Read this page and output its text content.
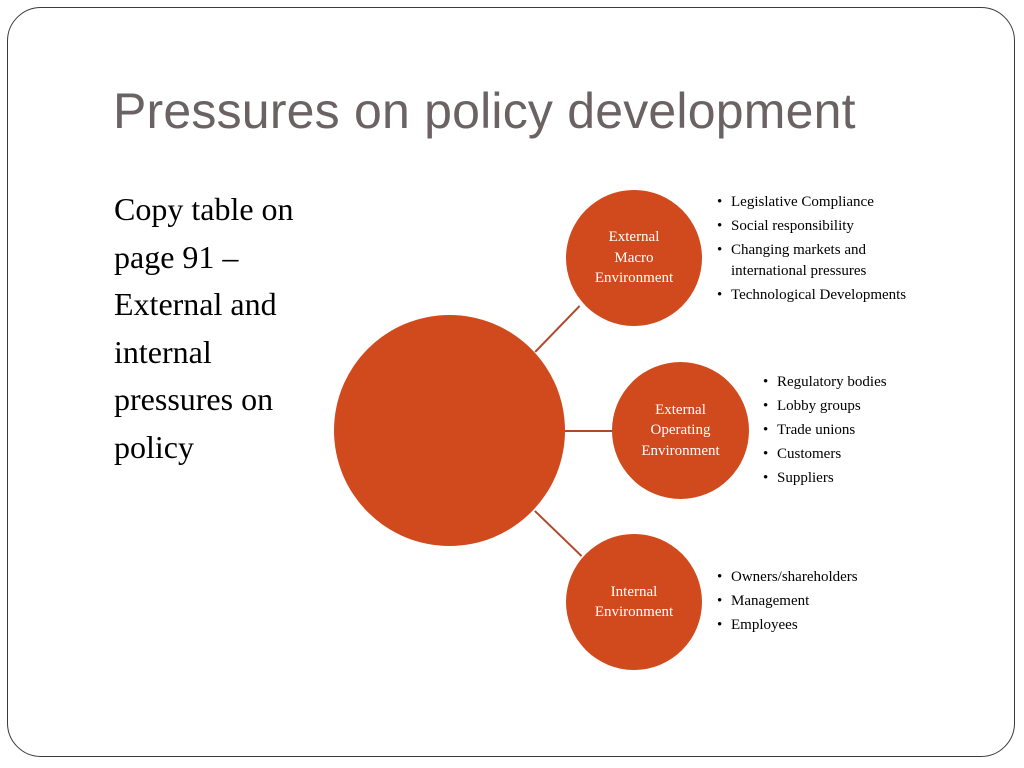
Pressures on policy development
Copy table on page 91 – External and internal pressures on policy
External
Macro
Environment
External
Operating
Environment
Internal
Environment
• Legislative Compliance
• Social responsibility
• Changing markets and international pressures
• Technological Developments
• Regulatory bodies
• Lobby groups
• Trade unions
• Customers
• Suppliers
• Owners/shareholders
• Management
• Employees
